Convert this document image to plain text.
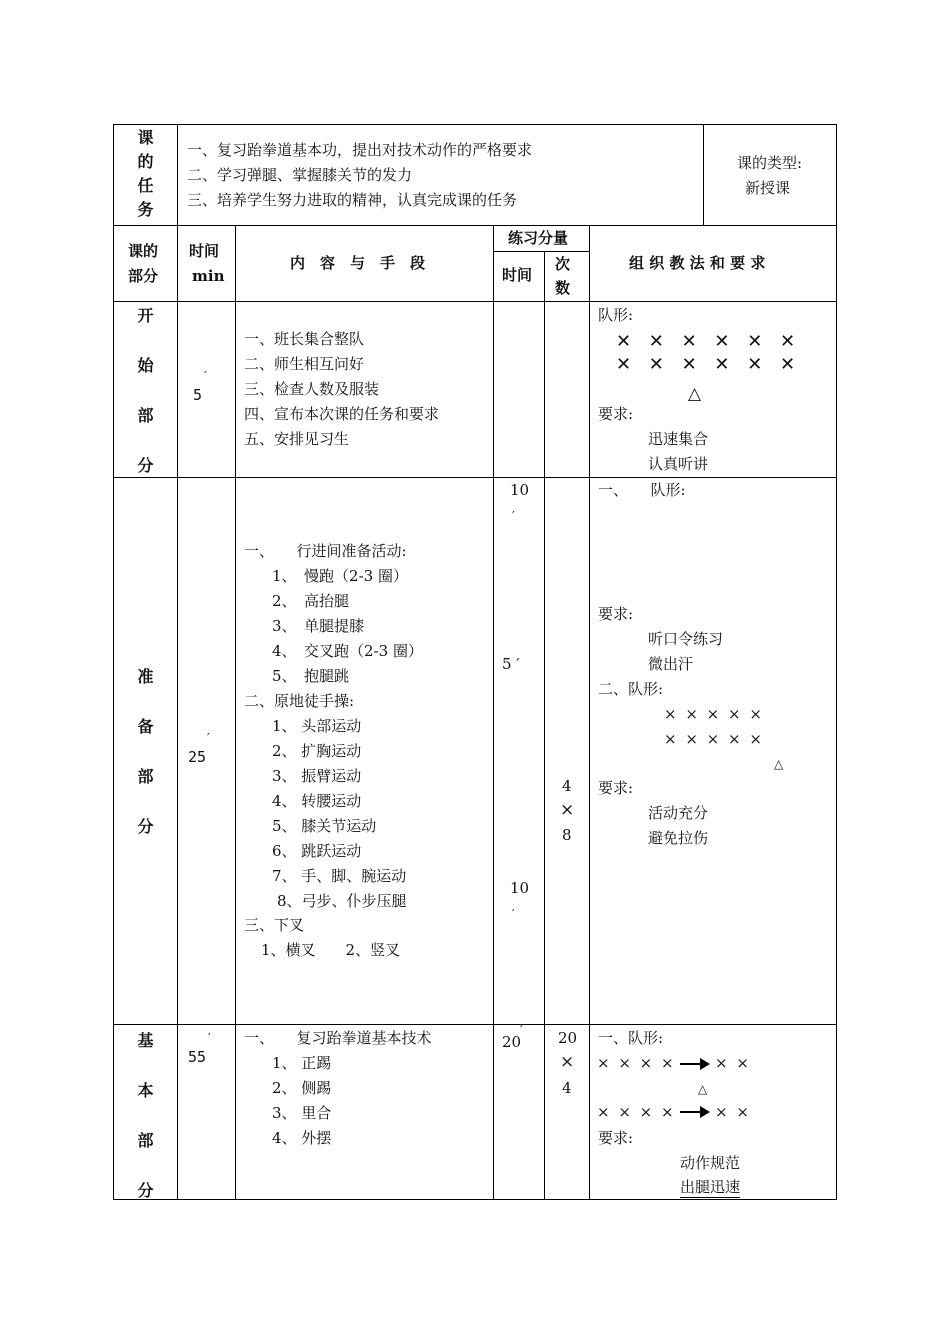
课
的
任
务
一、复习跆拳道基本功，提出对技术动作的严格要求
二、学习弹腿、掌握膝关节的发力
三、培养学生努力进取的精神，认真完成课的任务
课的类型:
新授课
课的
部分
时间
min
内　容　与　手　段
练习分量
时间
次
数
组 织 教 法 和 要 求
开
始
部
分
′
5
一、班长集合整队
二、师生相互问好
三、检查人数及服装
四、宣布本次课的任务和要求
五、安排见习生
队形:
✕ ✕ ✕ ✕ ✕ ✕
✕ ✕ ✕ ✕ ✕ ✕
△
要求:
迅速集合
认真听讲
准
备
部
分
′
25
一、　　行进间准备活动:
1、　慢跑（2-3 圈）
2、　高抬腿
3、　单腿提膝
4、　交叉跑（2-3 圈）
5、　抱腿跳
二、原地徒手操:
1、 头部运动
2、 扩胸运动
3、 振臂运动
4、 转腰运动
5、 膝关节运动
6、 跳跃运动
7、 手、脚、腕运动
8、弓步、仆步压腿
三、下叉
1、横叉　　2、竖叉
10
′
5 ′
10
′
4
×
8
一、　　队形:
要求:
听口令练习
微出汗
二、队形:
× × × × ×
× × × × ×
△
要求:
活动充分
避免拉伤
基
本
部
分
′
55
一、　　复习跆拳道基本技术
1、 正踢
2、 侧踢
3、 里合
4、 外摆
20
′ 20
×
4
一、队形:
× × × ×	× ×
△
× × × ×	× ×
要求:
动作规范
出腿迅速
